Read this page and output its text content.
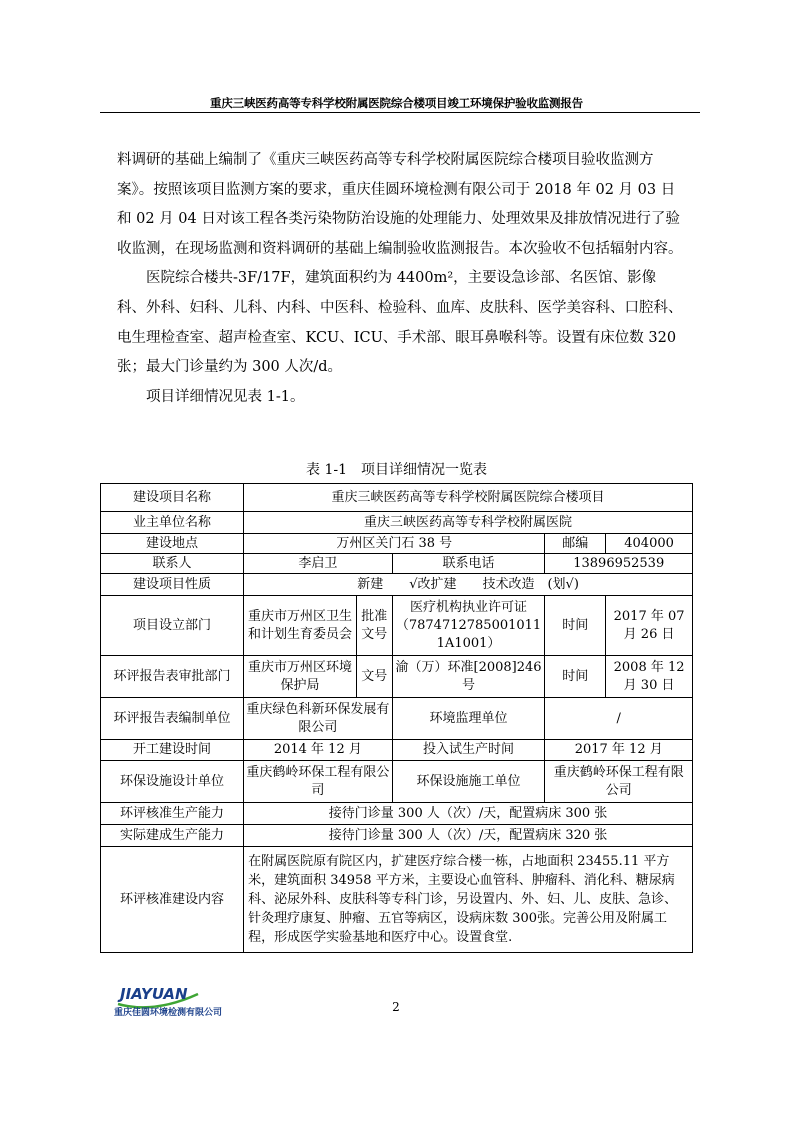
重庆三峡医药高等专科学校附属医院综合楼项目竣工环境保护验收监测报告

料调研的基础上编制了《重庆三峡医药高等专科学校附属医院综合楼项目验收监测方案》。按照该项目监测方案的要求，重庆佳圆环境检测有限公司于 2018 年 02 月 03 日和 02 月 04 日对该工程各类污染物防治设施的处理能力、处理效果及排放情况进行了验收监测，在现场监测和资料调研的基础上编制验收监测报告。本次验收不包括辐射内容。

医院综合楼共-3F/17F，建筑面积约为 4400m²，主要设急诊部、名医馆、影像科、外科、妇科、儿科、内科、中医科、检验科、血库、皮肤科、医学美容科、口腔科、电生理检查室、超声检查室、KCU、ICU、手术部、眼耳鼻喉科等。设置有床位数 320 张；最大门诊量约为 300 人次/d。

项目详细情况见表 1-1。

表 1-1　项目详细情况一览表
建设项目名称	重庆三峡医药高等专科学校附属医院综合楼项目				
业主单位名称	重庆三峡医药高等专科学校附属医院				
建设地点	万州区关门石 38 号			邮编	404000
联系人	李启卫		联系电话	13896952539	
建设项目性质	新建　　√改扩建　　技术改造　(划√)				
项目设立部门	重庆市万州区卫生和计划生育委员会	批准文号	医疗机构执业许可证（7874712785001011 1A1001）	时间	2017 年 07 月 26 日
环评报告表审批部门	重庆市万州区环境保护局	文号	渝（万）环准[2008]246 号	时间	2008 年 12 月 30 日
环评报告表编制单位	重庆绿色科新环保发展有限公司		环境监理单位	/	
开工建设时间	2014 年 12 月		投入试生产时间	2017 年 12 月	
环保设施设计单位	重庆鹤岭环保工程有限公司		环保设施施工单位	重庆鹤岭环保工程有限公司	
环评核准生产能力	接待门诊量 300 人（次）/天，配置病床 300 张				
实际建成生产能力	接待门诊量 300 人（次）/天，配置病床 320 张				
环评核准建设内容	在附属医院原有院区内，扩建医疗综合楼一栋，占地面积 23455.11 平方米，建筑面积 34958 平方米，主要设心血管科、肿瘤科、消化科、糖尿病科、泌尿外科、皮肤科等专科门诊，另设置内、外、妇、儿、皮肤、急诊、针灸理疗康复、肿瘤、五官等病区，设病床数 300张。完善公用及附属工程，形成医学实验基地和医疗中心。设置食堂.				
JIAYUAN
重庆佳圆环境检测有限公司	2
